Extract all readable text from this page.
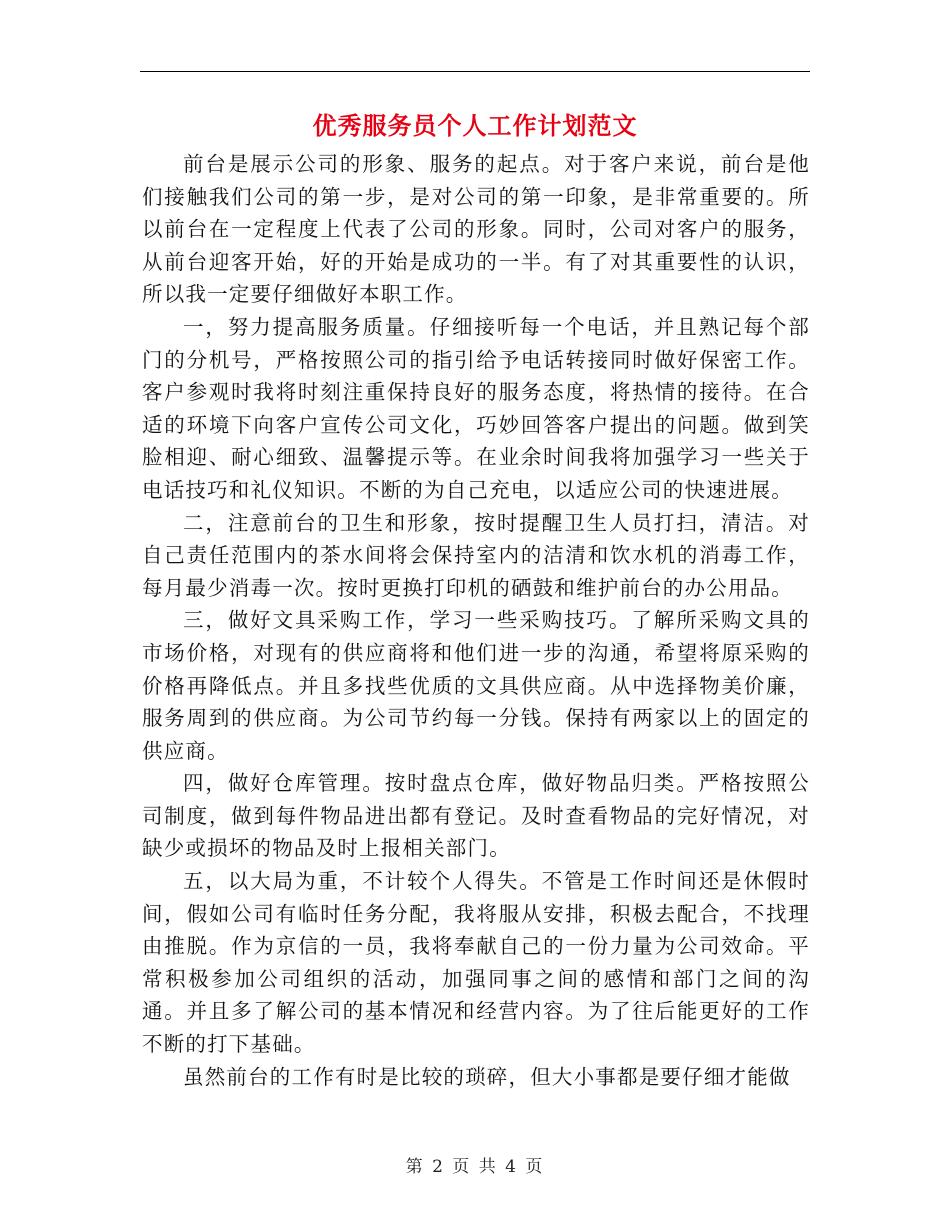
优秀服务员个人工作计划范文

前台是展示公司的形象、服务的起点。对于客户来说，前台是他们接触我们公司的第一步，是对公司的第一印象，是非常重要的。所以前台在一定程度上代表了公司的形象。同时，公司对客户的服务，从前台迎客开始，好的开始是成功的一半。有了对其重要性的认识，所以我一定要仔细做好本职工作。

一，努力提高服务质量。仔细接听每一个电话，并且熟记每个部门的分机号，严格按照公司的指引给予电话转接同时做好保密工作。客户参观时我将时刻注重保持良好的服务态度，将热情的接待。在合适的环境下向客户宣传公司文化，巧妙回答客户提出的问题。做到笑脸相迎、耐心细致、温馨提示等。在业余时间我将加强学习一些关于电话技巧和礼仪知识。不断的为自己充电，以适应公司的快速进展。

二，注意前台的卫生和形象，按时提醒卫生人员打扫，清洁。对自己责任范围内的茶水间将会保持室内的洁清和饮水机的消毒工作，每月最少消毒一次。按时更换打印机的硒鼓和维护前台的办公用品。

三，做好文具采购工作，学习一些采购技巧。了解所采购文具的市场价格，对现有的供应商将和他们进一步的沟通，希望将原采购的价格再降低点。并且多找些优质的文具供应商。从中选择物美价廉，服务周到的供应商。为公司节约每一分钱。保持有两家以上的固定的供应商。

四，做好仓库管理。按时盘点仓库，做好物品归类。严格按照公司制度，做到每件物品进出都有登记。及时查看物品的完好情况，对缺少或损坏的物品及时上报相关部门。

五，以大局为重，不计较个人得失。不管是工作时间还是休假时间，假如公司有临时任务分配，我将服从安排，积极去配合，不找理由推脱。作为京信的一员，我将奉献自己的一份力量为公司效命。平常积极参加公司组织的活动，加强同事之间的感情和部门之间的沟通。并且多了解公司的基本情况和经营内容。为了往后能更好的工作不断的打下基础。

虽然前台的工作有时是比较的琐碎，但大小事都是要仔细才能做

第 2 页 共 4 页
